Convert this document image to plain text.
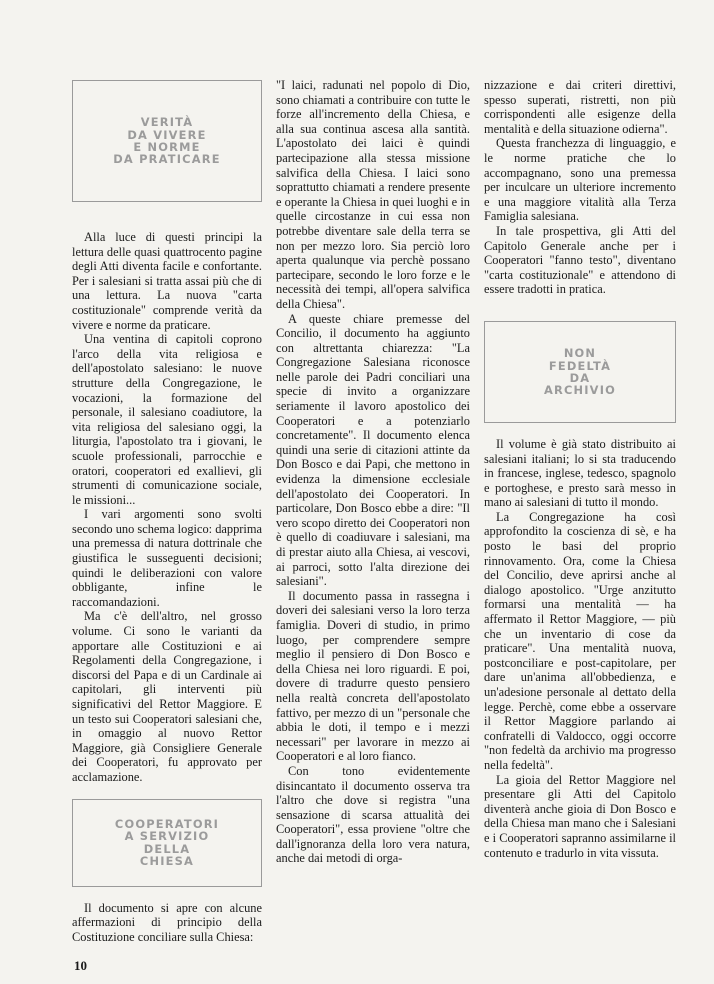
VERITÀ
DA VIVERE
E NORME
DA PRATICARE

Alla luce di questi principi la lettura delle quasi quattrocento pagine degli Atti diventa facile e confortante. Per i salesiani si tratta assai più che di una lettura. La nuova "carta costituzionale" comprende verità da vivere e norme da praticare.

Una ventina di capitoli coprono l'arco della vita religiosa e dell'apostolato salesiano: le nuove strutture della Congregazione, le vocazioni, la formazione del personale, il salesiano coadiutore, la vita religiosa del salesiano oggi, la liturgia, l'apostolato tra i giovani, le scuole professionali, parrocchie e oratori, cooperatori ed exallievi, gli strumenti di comunicazione sociale, le missioni...

I vari argomenti sono svolti secondo uno schema logico: dapprima una premessa di natura dottrinale che giustifica le susseguenti decisioni; quindi le deliberazioni con valore obbligante, infine le raccomandazioni.

Ma c'è dell'altro, nel grosso volume. Ci sono le varianti da apportare alle Costituzioni e ai Regolamenti della Congregazione, i discorsi del Papa e di un Cardinale ai capitolari, gli interventi più significativi del Rettor Maggiore. E un testo sui Cooperatori salesiani che, in omaggio al nuovo Rettor Maggiore, già Consigliere Generale dei Cooperatori, fu approvato per acclamazione.

COOPERATORI
A SERVIZIO
DELLA
CHIESA

Il documento si apre con alcune affermazioni di principio della Costituzione conciliare sulla Chiesa:

"I laici, radunati nel popolo di Dio, sono chiamati a contribuire con tutte le forze all'incremento della Chiesa, e alla sua continua ascesa alla santità. L'apostolato dei laici è quindi partecipazione alla stessa missione salvifica della Chiesa. I laici sono soprattutto chiamati a rendere presente e operante la Chiesa in quei luoghi e in quelle circostanze in cui essa non potrebbe diventare sale della terra se non per mezzo loro. Sia perciò loro aperta qualunque via perchè possano partecipare, secondo le loro forze e le necessità dei tempi, all'opera salvifica della Chiesa".

A queste chiare premesse del Concilio, il documento ha aggiunto con altrettanta chiarezza: "La Congregazione Salesiana riconosce nelle parole dei Padri conciliari una specie di invito a organizzare seriamente il lavoro apostolico dei Cooperatori e a potenziarlo concretamente". Il documento elenca quindi una serie di citazioni attinte da Don Bosco e dai Papi, che mettono in evidenza la dimensione ecclesiale dell'apostolato dei Cooperatori. In particolare, Don Bosco ebbe a dire: "Il vero scopo diretto dei Cooperatori non è quello di coadiuvare i salesiani, ma di prestar aiuto alla Chiesa, ai vescovi, ai parroci, sotto l'alta direzione dei salesiani".

Il documento passa in rassegna i doveri dei salesiani verso la loro terza famiglia. Doveri di studio, in primo luogo, per comprendere sempre meglio il pensiero di Don Bosco e della Chiesa nei loro riguardi. E poi, dovere di tradurre questo pensiero nella realtà concreta dell'apostolato fattivo, per mezzo di un "personale che abbia le doti, il tempo e i mezzi necessari" per lavorare in mezzo ai Cooperatori e al loro fianco.

Con tono evidentemente disincantato il documento osserva tra l'altro che dove si registra "una sensazione di scarsa attualità dei Cooperatori", essa proviene "oltre che dall'ignoranza della loro vera natura, anche dai metodi di orga-

nizzazione e dai criteri direttivi, spesso superati, ristretti, non più corrispondenti alle esigenze della mentalità e della situazione odierna".

Questa franchezza di linguaggio, e le norme pratiche che lo accompagnano, sono una premessa per inculcare un ulteriore incremento e una maggiore vitalità alla Terza Famiglia salesiana.

In tale prospettiva, gli Atti del Capitolo Generale anche per i Cooperatori "fanno testo", diventano "carta costituzionale" e attendono di essere tradotti in pratica.

NON
FEDELTÀ
DA
ARCHIVIO

Il volume è già stato distribuito ai salesiani italiani; lo si sta traducendo in francese, inglese, tedesco, spagnolo e portoghese, e presto sarà messo in mano ai salesiani di tutto il mondo.

La Congregazione ha così approfondito la coscienza di sè, e ha posto le basi del proprio rinnovamento. Ora, come la Chiesa del Concilio, deve aprirsi anche al dialogo apostolico. "Urge anzitutto formarsi una mentalità — ha affermato il Rettor Maggiore, — più che un inventario di cose da praticare". Una mentalità nuova, postconciliare e post-capitolare, per dare un'anima all'obbedienza, e un'adesione personale al dettato della legge. Perchè, come ebbe a osservare il Rettor Maggiore parlando ai confratelli di Valdocco, oggi occorre "non fedeltà da archivio ma progresso nella fedeltà".

La gioia del Rettor Maggiore nel presentare gli Atti del Capitolo diventerà anche gioia di Don Bosco e della Chiesa man mano che i Salesiani e i Cooperatori sapranno assimilarne il contenuto e tradurlo in vita vissuta.

10
